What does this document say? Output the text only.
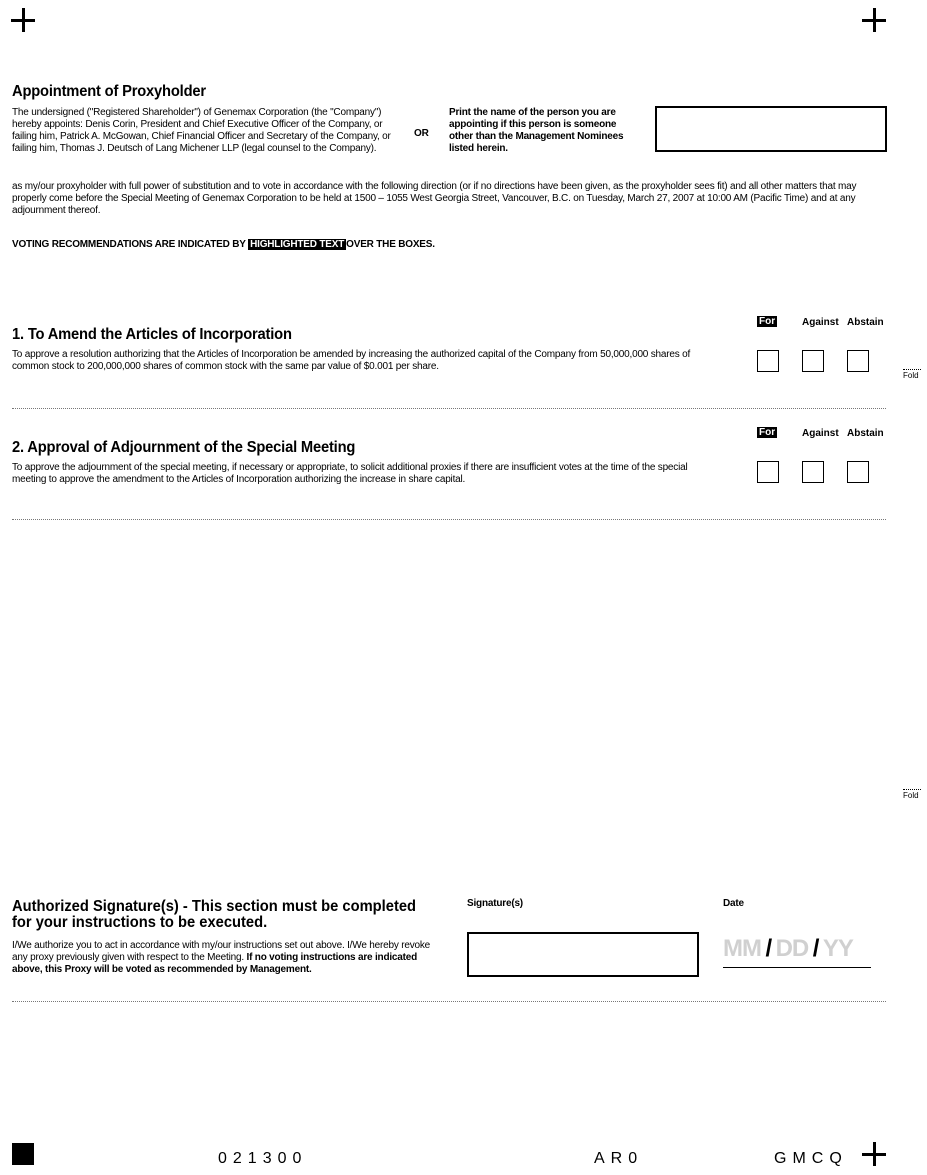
Appointment of Proxyholder
The undersigned ("Registered Shareholder") of Genemax Corporation (the "Company") hereby appoints: Denis Corin, President and Chief Executive Officer of the Company, or failing him, Patrick A. McGowan, Chief Financial Officer and Secretary of the Company, or failing him, Thomas J. Deutsch of Lang Michener LLP (legal counsel to the Company).
OR
Print the name of the person you are appointing if this person is someone other than the Management Nominees listed herein.
as my/our proxyholder with full power of substitution and to vote in accordance with the following direction (or if no directions have been given, as the proxyholder sees fit) and all other matters that may properly come before the Special Meeting of Genemax Corporation to be held at 1500 – 1055 West Georgia Street, Vancouver, B.C. on Tuesday, March 27, 2007 at 10:00 AM (Pacific Time) and at any adjournment thereof.
VOTING RECOMMENDATIONS ARE INDICATED BY HIGHLIGHTED TEXT OVER THE BOXES.
For	Against Abstain
1. To Amend the Articles of Incorporation
To approve a resolution authorizing that the Articles of Incorporation be amended by increasing the authorized capital of the Company from 50,000,000 shares of common stock to 200,000,000 shares of common stock with the same par value of $0.001 per share.
Fold
For	Against Abstain
2. Approval of Adjournment of the Special Meeting
To approve the adjournment of the special meeting, if necessary or appropriate, to solicit additional proxies if there are insufficient votes at the time of the special meeting to approve the amendment to the Articles of Incorporation authorizing the increase in share capital.
Fold
Authorized Signature(s) - This section must be completed
for your instructions to be executed.
I/We authorize you to act in accordance with my/our instructions set out above. I/We hereby revoke any proxy previously given with respect to the Meeting. If no voting instructions are indicated above, this Proxy will be voted as recommended by Management.
Signature(s)	Date
MM / DD / YY
021300	AR0	GMCQ
